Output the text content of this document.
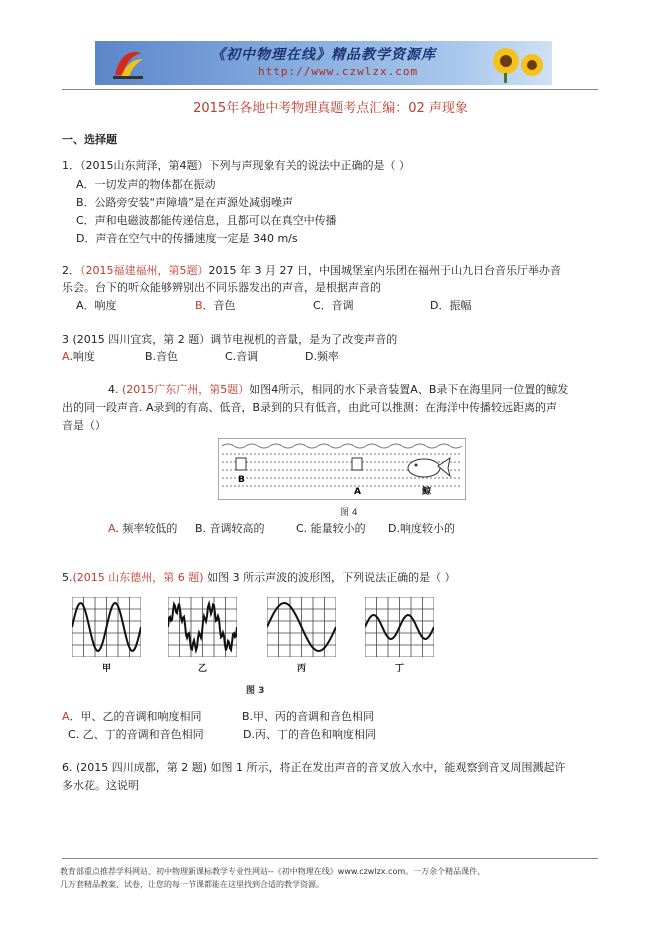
《初中物理在线》精品教学资源库
http://www.czwlzx.com
2015年各地中考物理真题考点汇编：02 声现象
一、选择题
1．（2015山东菏泽，第4题）下列与声现象有关的说法中正确的是（ ）
A．一切发声的物体都在振动
B．公路旁安装“声障墙”是在声源处减弱噪声
C．声和电磁波都能传递信息，且都可以在真空中传播
D．声音在空气中的传播速度一定是 340 m/s
2．（2015福建福州，第5题）2015 年 3 月 27 日，中国城堡室内乐团在福州于山九日台音乐厅举办音
乐会。台下的听众能够辨别出不同乐器发出的声音，是根据声音的
A．响度	B．音色	C．音调	D．振幅
3 (2015 四川宜宾，第 2 题）调节电视机的音量，是为了改变声音的
A.响度	B.音色	C.音调	D.频率
4. (2015广东广州，第5题）如图4所示，相同的水下录音装置A、B录下在海里同一位置的鲸发
出的同一段声音. A录到的有高、低音，B录到的只有低音，由此可以推测：在海洋中传播较远距离的声
音是（）
B
A	鲸
图 4
A. 频率较低的 B. 音调较高的	C. 能量较小的 D.响度较小的
5.(2015 山东德州，第 6 题) 如图 3 所示声波的波形图，下列说法正确的是（ ）
甲	乙	丙	丁
图 3
A．甲、乙的音调和响度相同	B.甲、丙的音调和音色相同
C. 乙、丁的音调和音色相同	D.丙、丁的音色和响度相同
6. (2015 四川成都，第 2 题) 如图 1 所示，将正在发出声音的音叉放入水中，能观察到音叉周围溅起许
多水花。这说明
教育部重点推荐学科网站、初中物理新课标教学专业性网站--《初中物理在线》www.czwlzx.com。一万余个精品课件、
几万套精品教案、试卷，让您的每一节课都能在这里找到合适的教学资源。
